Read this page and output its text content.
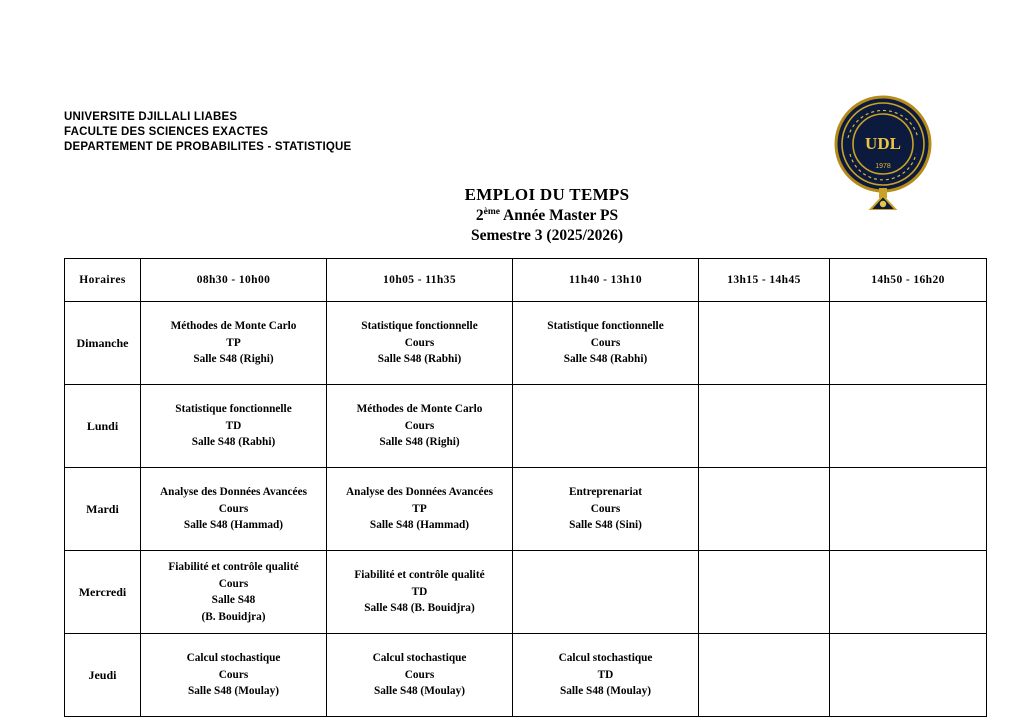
UNIVERSITE DJILLALI LIABES
FACULTE DES SCIENCES EXACTES
DEPARTEMENT DE PROBABILITES - STATISTIQUE	UDL
1978
EMPLOI DU TEMPS
2ème Année Master PS
Semestre 3 (2025/2026)
Horaires	08h30 - 10h00	10h05 - 11h35	11h40 - 13h10	13h15 - 14h45	14h50 - 16h20
Dimanche	Méthodes de Monte Carlo
TP
Salle S48 (Righi)	Statistique fonctionnelle
Cours
Salle S48 (Rabhi)	Statistique fonctionnelle
Cours
Salle S48 (Rabhi)		

Lundi	Statistique fonctionnelle
TD
Salle S48 (Rabhi)	Méthodes de Monte Carlo
Cours
Salle S48 (Righi)			

Mardi	Analyse des Données Avancées
Cours
Salle S48 (Hammad)	Analyse des Données Avancées
TP
Salle S48 (Hammad)	Entreprenariat
Cours
Salle S48 (Sini)		

Mercredi	Fiabilité et contrôle qualité
Cours
Salle S48
(B. Bouidjra)	Fiabilité et contrôle qualité
TD
Salle S48 (B. Bouidjra)			

Jeudi	Calcul stochastique
Cours
Salle S48 (Moulay)	Calcul stochastique
Cours
Salle S48 (Moulay)	Calcul stochastique
TD
Salle S48 (Moulay)		
